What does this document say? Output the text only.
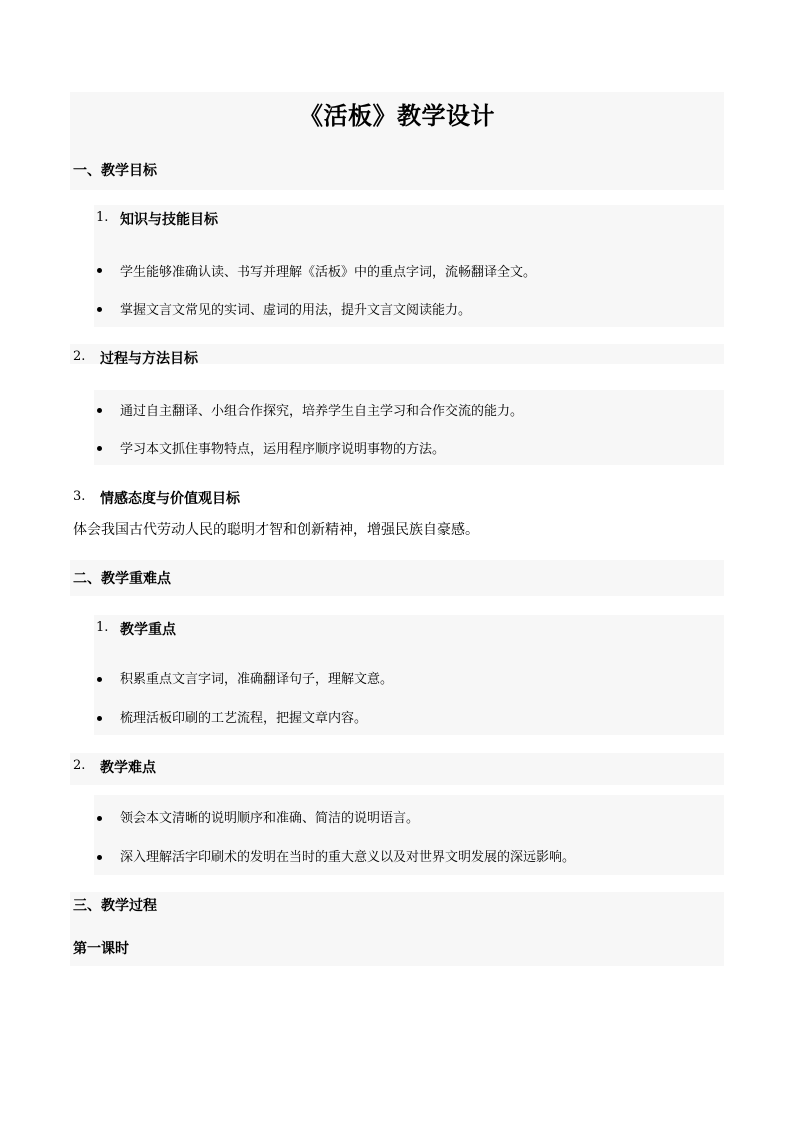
《活板》教学设计
一、教学目标
1. 知识与技能目标
学生能够准确认读、书写并理解《活板》中的重点字词，流畅翻译全文。
掌握文言文常见的实词、虚词的用法，提升文言文阅读能力。
2. 过程与方法目标
通过自主翻译、小组合作探究，培养学生自主学习和合作交流的能力。
学习本文抓住事物特点，运用程序顺序说明事物的方法。
3. 情感态度与价值观目标
体会我国古代劳动人民的聪明才智和创新精神，增强民族自豪感。
二、教学重难点
1. 教学重点
积累重点文言字词，准确翻译句子，理解文意。
梳理活板印刷的工艺流程，把握文章内容。
2. 教学难点
领会本文清晰的说明顺序和准确、简洁的说明语言。
深入理解活字印刷术的发明在当时的重大意义以及对世界文明发展的深远影响。
三、教学过程
第一课时
